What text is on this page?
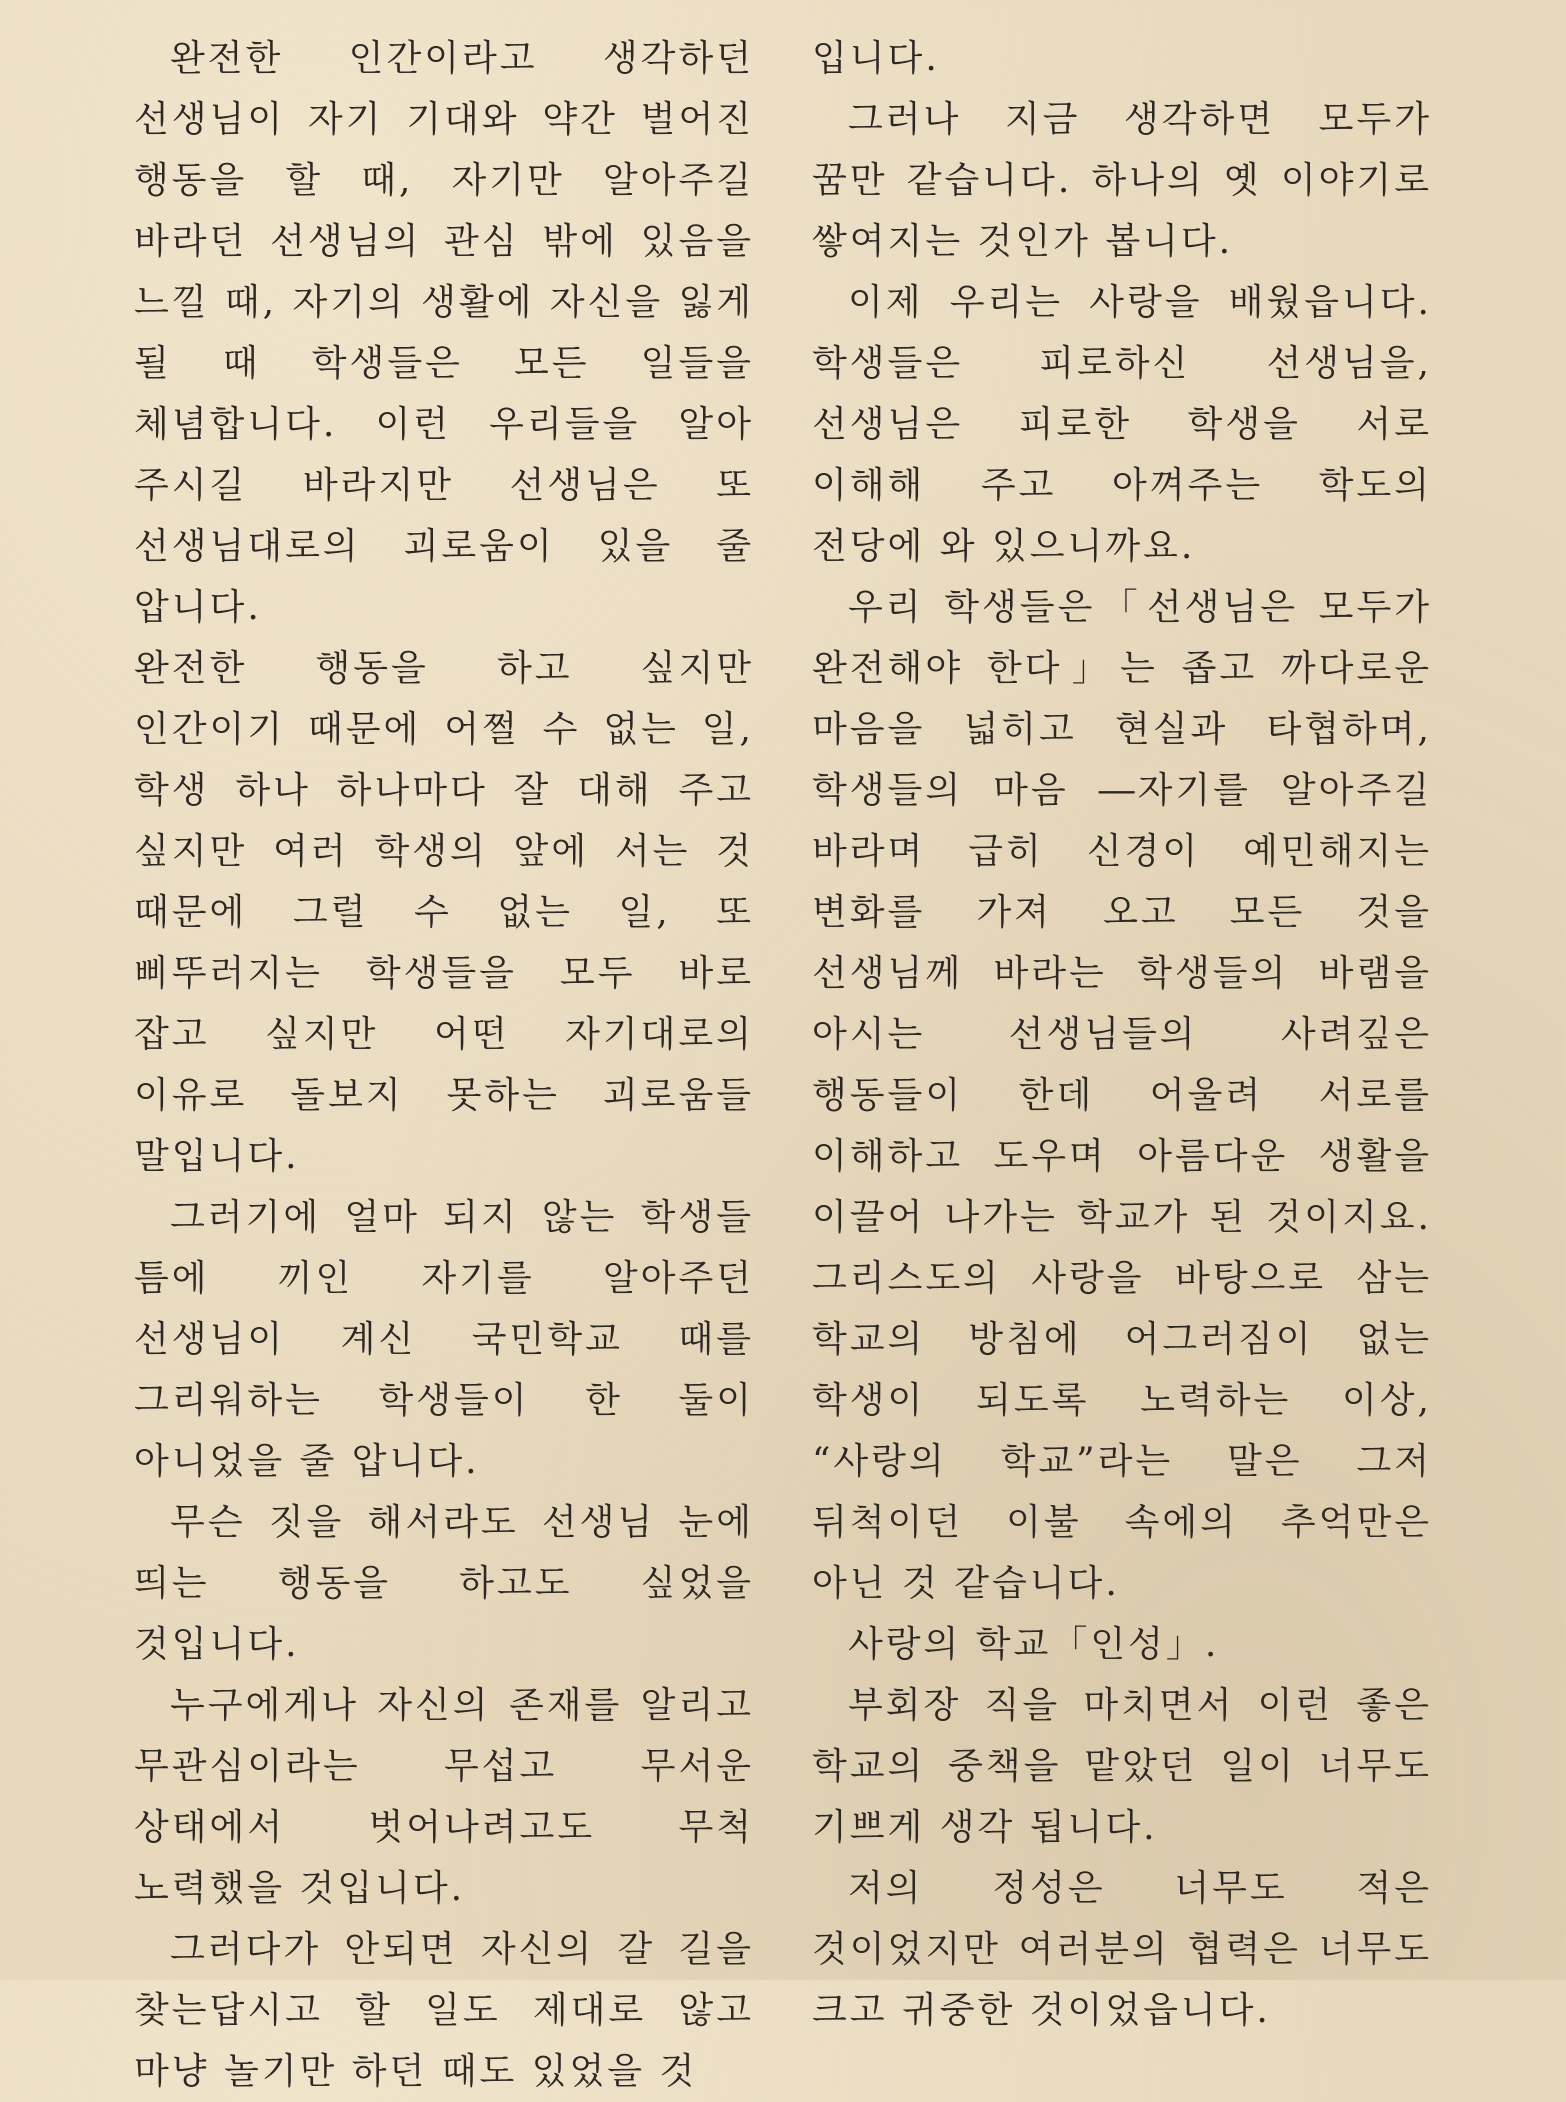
완전한 인간이라고 생각하던 선생님이 자기 기대와 약간 벌어진 행동을 할 때, 자기만 알아주길 바라던 선생님의 관심 밖에 있음을 느낄 때, 자기의 생활에 자신을 잃게 될 때 학생들은 모든 일들을 체념합니다. 이런 우리들을 알아 주시길 바라지만 선생님은 또 선생님대로의 괴로움이 있을 줄 압니다.

완전한 행동을 하고 싶지만 인간이기 때문에 어쩔 수 없는 일, 학생 하나 하나마다 잘 대해 주고 싶지만 여러 학생의 앞에 서는 것 때문에 그럴 수 없는 일, 또 삐뚜러지는 학생들을 모두 바로 잡고 싶지만 어떤 자기대로의 이유로 돌보지 못하는 괴로움들 말입니다.

그러기에 얼마 되지 않는 학생들 틈에 끼인 자기를 알아주던 선생님이 계신 국민학교 때를 그리워하는 학생들이 한 둘이 아니었을 줄 압니다.

무슨 짓을 해서라도 선생님 눈에 띄는 행동을 하고도 싶었을 것입니다.

누구에게나 자신의 존재를 알리고 무관심이라는 무섭고 무서운 상태에서 벗어나려고도 무척 노력했을 것입니다.

그러다가 안되면 자신의 갈 길을 찾는답시고 할 일도 제대로 않고 마냥 놀기만 하던 때도 있었을 것

입니다.

그러나 지금 생각하면 모두가 꿈만 같습니다. 하나의 옛 이야기로 쌓여지는 것인가 봅니다.

이제 우리는 사랑을 배웠읍니다. 학생들은 피로하신 선생님을, 선생님은 피로한 학생을 서로 이해해 주고 아껴주는 학도의 전당에 와 있으니까요.

우리 학생들은「선생님은 모두가 완전해야 한다」는 좁고 까다로운 마음을 넓히고 현실과 타협하며, 학생들의 마음 ―자기를 알아주길 바라며 급히 신경이 예민해지는 변화를 가져 오고 모든 것을 선생님께 바라는 학생들의 바램을 아시는 선생님들의 사려깊은 행동들이 한데 어울려 서로를 이해하고 도우며 아름다운 생활을 이끌어 나가는 학교가 된 것이지요. 그리스도의 사랑을 바탕으로 삼는 학교의 방침에 어그러짐이 없는 학생이 되도록 노력하는 이상, “사랑의 학교”라는 말은 그저 뒤척이던 이불 속에의 추억만은 아닌 것 같습니다.

사랑의 학교「인성」.

부회장 직을 마치면서 이런 좋은 학교의 중책을 맡았던 일이 너무도 기쁘게 생각 됩니다.

저의 정성은 너무도 적은 것이었지만 여러분의 협력은 너무도 크고 귀중한 것이었읍니다.
